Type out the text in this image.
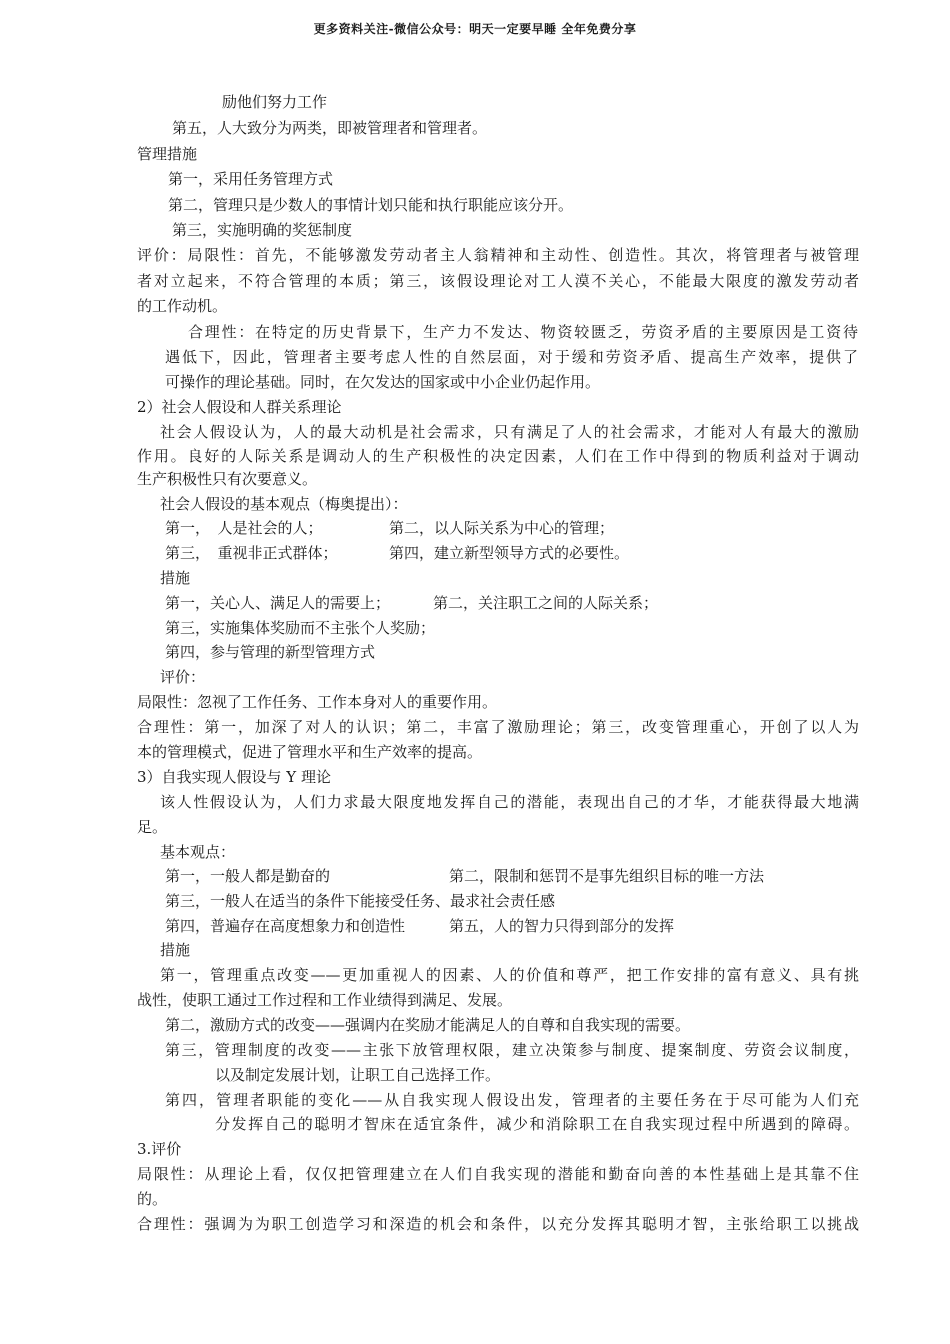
更多资料关注-微信公众号：明天一定要早睡 全年免费分享
励他们努力工作
第五，人大致分为两类，即被管理者和管理者。
管理措施
第一，采用任务管理方式
第二，管理只是少数人的事情计划只能和执行职能应该分开。
第三，实施明确的奖惩制度
评价：局限性：首先，不能够激发劳动者主人翁精神和主动性、创造性。其次，将管理者与被管理
者对立起来，不符合管理的本质；第三，该假设理论对工人漠不关心，不能最大限度的激发劳动者
的工作动机。
合理性：在特定的历史背景下，生产力不发达、物资较匮乏，劳资矛盾的主要原因是工资待
遇低下，因此，管理者主要考虑人性的自然层面，对于缓和劳资矛盾、提高生产效率，提供了
可操作的理论基础。同时，在欠发达的国家或中小企业仍起作用。
2）社会人假设和人群关系理论
社会人假设认为，人的最大动机是社会需求，只有满足了人的社会需求，才能对人有最大的激励
作用。良好的人际关系是调动人的生产积极性的决定因素，人们在工作中得到的物质利益对于调动
生产积极性只有次要意义。
社会人假设的基本观点（梅奥提出）：
第一，　人是社会的人；	第二，以人际关系为中心的管理；
第三，　重视非正式群体；	第四，建立新型领导方式的必要性。
措施
第一，关心人、满足人的需要上；	第二，关注职工之间的人际关系；
第三，实施集体奖励而不主张个人奖励；
第四，参与管理的新型管理方式
评价：
局限性：忽视了工作任务、工作本身对人的重要作用。
合理性：第一，加深了对人的认识；第二，丰富了激励理论；第三，改变管理重心，开创了以人为
本的管理模式，促进了管理水平和生产效率的提高。
3）自我实现人假设与 Y 理论
该人性假设认为，人们力求最大限度地发挥自己的潜能，表现出自己的才华，才能获得最大地满
足。
基本观点：
第一，一般人都是勤奋的	第二，限制和惩罚不是事先组织目标的唯一方法
第三，一般人在适当的条件下能接受任务、最求社会责任感
第四，普遍存在高度想象力和创造性	第五，人的智力只得到部分的发挥
措施
第一，管理重点改变——更加重视人的因素、人的价值和尊严，把工作安排的富有意义、具有挑
战性，使职工通过工作过程和工作业绩得到满足、发展。
第二，激励方式的改变——强调内在奖励才能满足人的自尊和自我实现的需要。
第三，管理制度的改变——主张下放管理权限，建立决策参与制度、提案制度、劳资会议制度，
以及制定发展计划，让职工自己选择工作。
第四，管理者职能的变化——从自我实现人假设出发，管理者的主要任务在于尽可能为人们充
分发挥自己的聪明才智床在适宜条件，减少和消除职工在自我实现过程中所遇到的障碍。
3.评价
局限性：从理论上看，仅仅把管理建立在人们自我实现的潜能和勤奋向善的本性基础上是其靠不住
的。
合理性：强调为为职工创造学习和深造的机会和条件，以充分发挥其聪明才智，主张给职工以挑战
